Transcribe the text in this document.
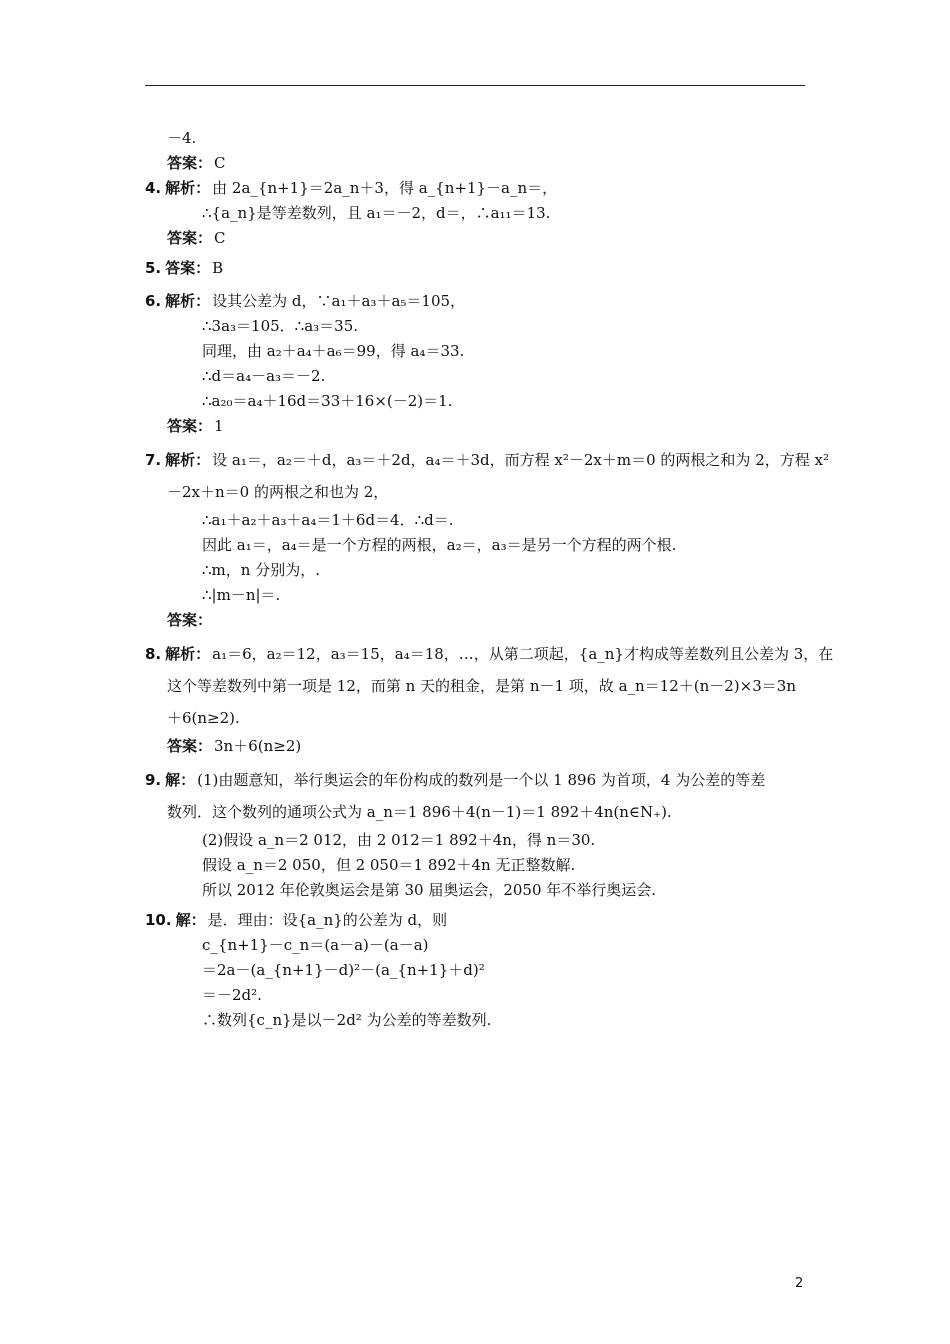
－4.
答案： C
4. 解析： 由 2a_{n+1}＝2a_n＋3，得 a_{n+1}－a_n＝，
∴{a_n}是等差数列，且 a₁＝－2，d＝，∴a₁₁＝13.
答案： C
5. 答案： B
6. 解析： 设其公差为 d，∵a₁＋a₃＋a₅＝105，
∴3a₃＝105．∴a₃＝35.
同理，由 a₂＋a₄＋a₆＝99，得 a₄＝33.
∴d＝a₄－a₃＝－2.
∴a₂₀＝a₄＋16d＝33＋16×(－2)＝1.
答案： 1
7. 解析： 设 a₁＝，a₂＝＋d，a₃＝＋2d，a₄＝＋3d，而方程 x²－2x＋m＝0 的两根之和为 2，方程 x²
－2x＋n＝0 的两根之和也为 2，
∴a₁＋a₂＋a₃＋a₄＝1＋6d＝4．∴d＝.
因此 a₁＝，a₄＝是一个方程的两根，a₂＝，a₃＝是另一个方程的两个根.
∴m，n 分别为，.
∴|m－n|＝.
答案：
8. 解析： a₁＝6，a₂＝12，a₃＝15，a₄＝18，…，从第二项起，{a_n}才构成等差数列且公差为 3，在
这个等差数列中第一项是 12，而第 n 天的租金，是第 n－1 项，故 a_n＝12＋(n－2)×3＝3n
＋6(n≥2).
答案： 3n＋6(n≥2)
9. 解： (1)由题意知，举行奥运会的年份构成的数列是一个以 1 896 为首项，4 为公差的等差
数列．这个数列的通项公式为 a_n＝1 896＋4(n－1)＝1 892＋4n(n∈N₊).
(2)假设 a_n＝2 012，由 2 012＝1 892＋4n，得 n＝30.
假设 a_n＝2 050，但 2 050＝1 892＋4n 无正整数解.
所以 2012 年伦敦奥运会是第 30 届奥运会，2050 年不举行奥运会.
10. 解： 是．理由：设{a_n}的公差为 d，则
c_{n+1}－c_n＝(a－a)－(a－a)
＝2a－(a_{n+1}－d)²－(a_{n+1}＋d)²
＝－2d².
∴数列{c_n}是以－2d² 为公差的等差数列.
2
